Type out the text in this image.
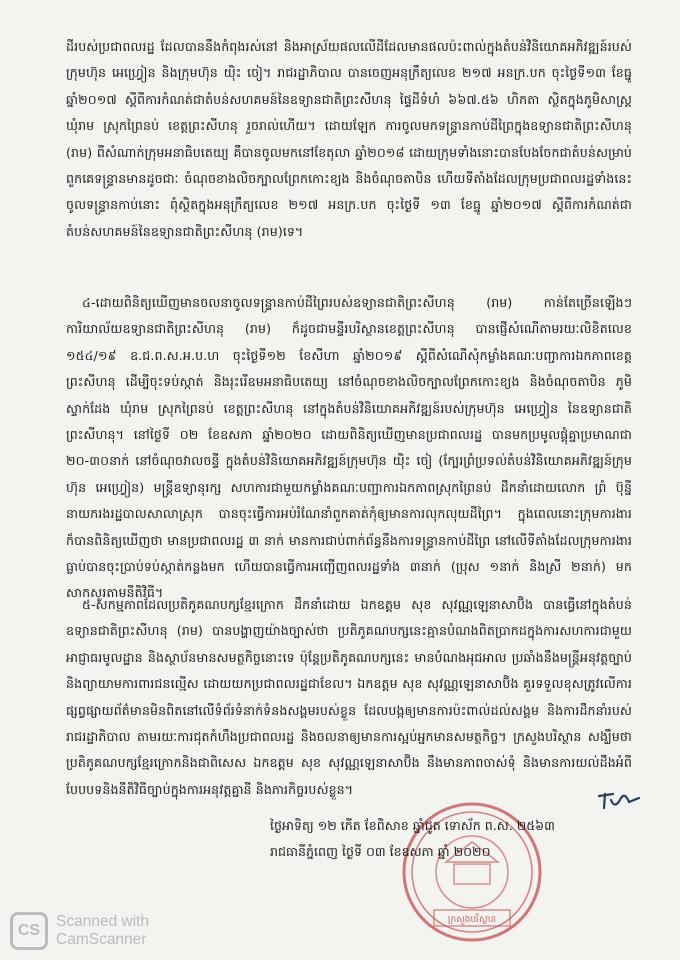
ដីរបស់ប្រជាពលរដ្ឋ ដែលបាននឹងកំពុងរស់នៅ និងអាស្រ័យផលលើដីដែលមានផលប៉ះពាល់ក្នុងតំបន់វិនិយោគអភិវឌ្ឍន៍របស់ក្រុមហ៊ុន អេហ្វ្រៀន និងក្រុមហ៊ុន យ៉ិះ ចៀ។ រាជរដ្ឋាភិបាល បានចេញអនុក្រឹត្យលេខ ២១៧ អនក្រ.បក ចុះថ្ងៃទី១៣ ខែធ្នូ ឆ្នាំ២០១៧ ស្តីពីការកំណត់ជាតំបន់សហគមន៍នៃឧទ្យានជាតិព្រះសីហនុ ផ្ទៃដីទំហំ ៦៦៧.៥៦ ហិកតា ស្ថិតក្នុងភូមិសាស្ត្រឃុំរាម ស្រុកព្រៃនប់ ខេត្តព្រះសីហនុ រួចរាល់ហើយ។ ដោយឡែក ការចូលមកទន្ទ្រានកាប់ដីព្រៃក្នុងឧទ្យានជាតិព្រះសីហនុ (រាម) ពីសំណាក់ក្រុមអនាធិបតេយ្យ គឺបានចូលមកនៅខែតុលា ឆ្នាំ២០១៨ ដោយក្រុមទាំងនោះបានបែងចែកជាតំបន់សម្រាប់ពួកគេទន្ទ្រានមានដូចជាៈ ចំណុចខាងលិចក្បាលព្រែកកោះខ្យង និងចំណុចតាបិន ហើយទីតាំងដែលក្រុមប្រជាពលរដ្ឋទាំងនេះចូលទន្ទ្រានកាប់នោះ ពុំស្ថិតក្នុងអនុក្រឹត្យលេខ ២១៧ អនក្រ.បក ចុះថ្ងៃទី ១៣ ខែធ្នូ ឆ្នាំ២០១៧ ស្តីពីការកំណត់ជាតំបន់សហគមន៍នៃឧទ្យានជាតិព្រះសីហនុ (រាម)ទេ។
៤-ដោយពិនិត្យឃើញមានចលនាចូលទន្ទ្រានកាប់ដីព្រៃរបស់ឧទ្យានជាតិព្រះសីហនុ (រាម) កាន់តែច្រើនឡើងៗ ការិយាល័យឧទ្យានជាតិព្រះសីហនុ (រាម) ក៏ដូចជាមន្ទីរបរិស្ថានខេត្តព្រះសីហនុ បានផ្ញើសំណើតាមរយៈលិខិតលេខ ១៥៤/១៩ ឧ.ជ.ព.ស.អ.ប.ហ ចុះថ្ងៃទី១២ ខែសីហា ឆ្នាំ២០១៩ ស្តីពីសំណើសុំកម្លាំងគណៈបញ្ជាការឯកភាពខេត្តព្រះសីហនុ ដើម្បីចុះទប់ស្កាត់ និងរុះរើឧមអនាធិបតេយ្យ នៅចំណុចខាងលិចក្បាលព្រែកកោះខ្យង និងចំណុចតាបិន ភូមិស្ទាក់ដែង ឃុំរាម ស្រុកព្រៃនប់ ខេត្តព្រះសីហនុ នៅក្នុងតំបន់វិនិយោគអភិវឌ្ឍន៍របស់ក្រុមហ៊ុន អេហ្វ្រៀន នៃឧទ្យានជាតិព្រះសីហនុ។ នៅថ្ងៃទី ០២ ខែឧសភា ឆ្នាំ២០២០ ដោយពិនិត្យឃើញមានប្រជាពលរដ្ឋ បានមកប្រមូលផ្តុំគ្នាប្រមាណជា ២០-៣០នាក់ នៅចំណុចវាលចន្ទី ក្នុងតំបន់វិនិយោគអភិវឌ្ឍន៍ក្រុមហ៊ុន យ៉ិះ ចៀ (ក្បែរព្រំប្រទល់តំបន់វិនិយោគអភិវឌ្ឍន៍ក្រុមហ៊ុន អេហ្វ្រៀន) មន្ត្រីឧទ្យានុរក្ស សហការជាមួយកម្លាំងគណៈបញ្ជាការឯកភាពស្រុកព្រៃនប់ ដឹកនាំដោយលោក ព្រំ ប៊ុន្នី នាយករងរដ្ឋបាលសាលាស្រុក បានចុះធ្វើការអប់រំណែនាំពួកគាត់កុំឲ្យមានការលុកលុយដីព្រៃ។ ក្នុងពេលនោះក្រុមការងារក៏បានពិនិត្យឃើញថា មានប្រជាពលរដ្ឋ ៣ នាក់ មានការជាប់ពាក់ព័ន្ធនឹងការទន្ទ្រានកាប់ដីព្រៃ នៅលើទីតាំងដែលក្រុមការងារធ្លាប់បានចុះប្រាប់ទប់ស្កាត់កន្លងមក ហើយបានធ្វើការអញ្ជើញពលរដ្ឋទាំង ៣នាក់ (ប្រុស ១នាក់ និងស្រី ២នាក់) មកសាកសួរតាមនីតិវិធី។
៥-សកម្មភាពដែលប្រតិភូគណបក្សខ្មែរក្រោក ដឹកនាំដោយ ឯកឧត្តម សុខ សុវណ្ណឡេនាសាប៊ិង បានធ្វើនៅក្នុងតំបន់ឧទ្យានជាតិព្រះសីហនុ (រាម) បានបង្ហាញយ៉ាងច្បាស់ថា ប្រតិភូគណបក្សនេះគ្មានបំណងពិតប្រាកដក្នុងការសហការជាមួយអាជ្ញាធរមូលដ្ឋាន និងស្ថាប័នមានសមត្ថកិច្ចនោះទេ ប៉ុន្តែប្រតិភូគណបក្សនេះ មានបំណងអុជអាល ប្រឆាំងនឹងមន្ត្រីអនុវត្តច្បាប់ និងព្យាយាមការពារជនល្មើស ដោយយកប្រជាពលរដ្ឋជាខែល។ ឯកឧត្តម សុខ សុវណ្ណឡេនាសាប៊ិង គួរទទួលខុសត្រូវលើការផ្សព្វផ្សាយព័ត៌មានមិនពិតនៅលើទំព័រទំនាក់ទំនងសង្គមរបស់ខ្លួន ដែលបង្កឲ្យមានការប៉ះពាល់ដល់សង្គម និងការដឹកនាំរបស់រាជរដ្ឋាភិបាល តាមរយៈការជុតកំហឹងប្រជាពលរដ្ឋ និងចលនាឲ្យមានការស្អប់អ្នកមានសមត្ថកិច្ច។ ក្រសួងបរិស្ថាន សង្ឃឹមថា ប្រតិភូគណបក្សខ្មែរក្រោកនិងជាពិសេស ឯកឧត្តម សុខ សុវណ្ណឡេនាសាប៊ិង នឹងមានភាពចាស់ទុំ និងមានការយល់ដឹងអំពីបែបបទនិងនីតិវិធីច្បាប់ក្នុងការអនុវត្តគ្នានី និងភារកិច្ចរបស់ខ្លួន។
ក្រសួងបរិស្ថាន
ថ្ងៃអាទិត្យ ១២ កើត ខែពិសាខ ឆ្នាំជូត ទោស័ក ព.ស. ២៥៦៣
រាជធានីភ្នំពេញ ថ្ងៃទី ០៣ ខែឧសភា ឆ្នាំ ២០២០
CS
Scanned with
CamScanner
